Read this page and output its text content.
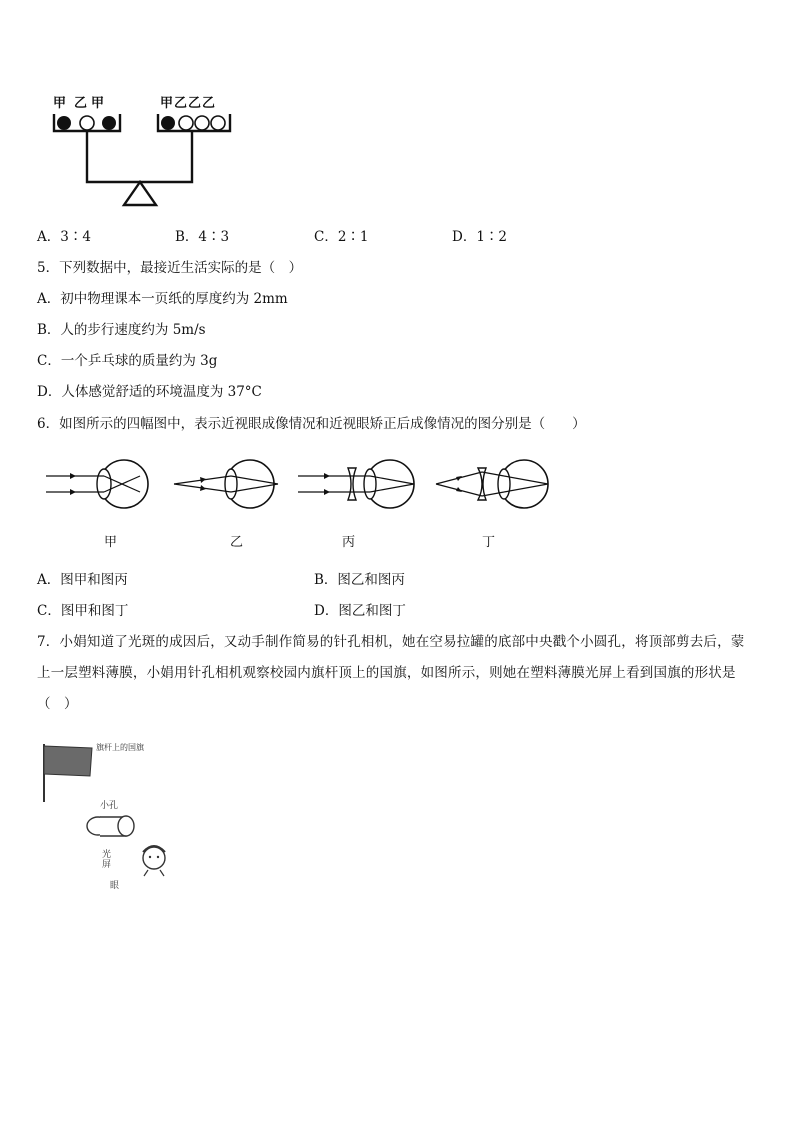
甲 乙甲	甲乙乙乙
A．3∶4	B．4∶3	C．2∶1	D．1∶2
5．下列数据中，最接近生活实际的是（　）
A．初中物理课本一页纸的厚度约为 2mm
B．人的步行速度约为 5m/s
C．一个乒乓球的质量约为 3g
D．人体感觉舒适的环境温度为 37°C
6．如图所示的四幅图中，表示近视眼成像情况和近视眼矫正后成像情况的图分别是（　　）
甲	乙	丙	丁
A．图甲和图丙	B．图乙和图丙
C．图甲和图丁	D．图乙和图丁
7．小娟知道了光斑的成因后，又动手制作简易的针孔相机，她在空易拉罐的底部中央戳个小圆孔，将顶部剪去后，蒙
上一层塑料薄膜，小娟用针孔相机观察校园内旗杆顶上的国旗，如图所示，则她在塑料薄膜光屏上看到国旗的形状是
（　）
旗杆上的国旗
小孔
光屏
眼
